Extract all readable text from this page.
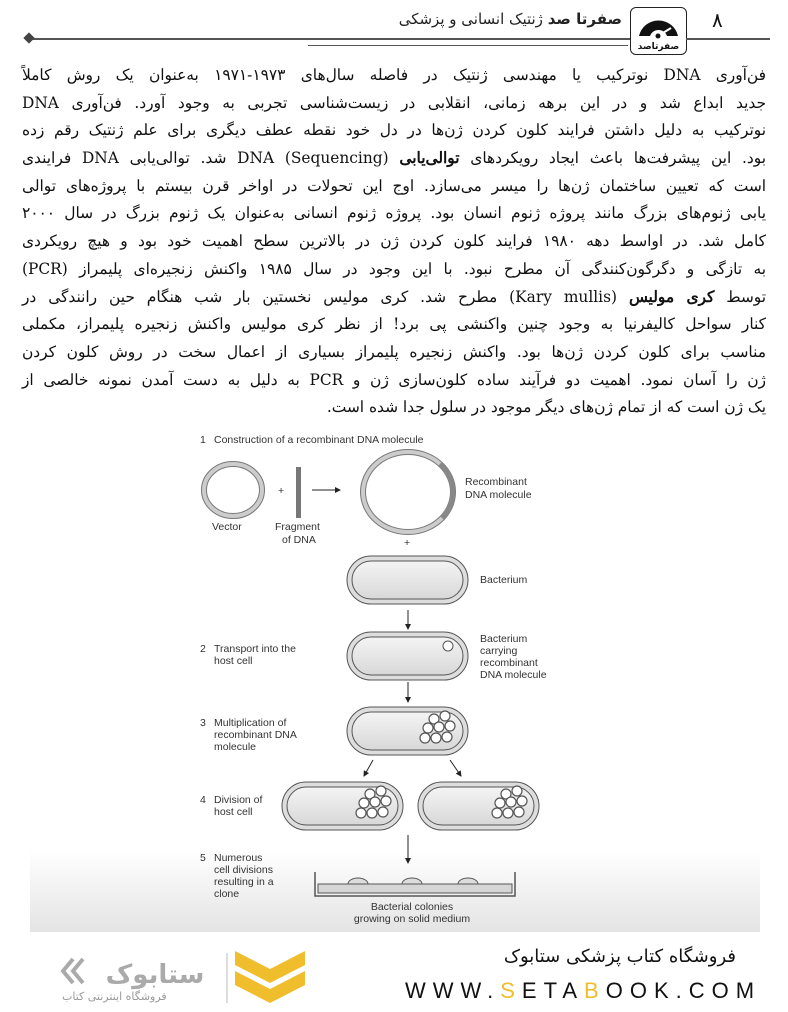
۸
صفرتاصد
صفرتا صد ژنتیک انسانی و پزشکی
فن‌آوری DNA نوترکیب یا مهندسی ژنتیک در فاصله سال‌های ۱۹۷۳-۱۹۷۱ به‌عنوان یک روش کاملاً
جدید ابداع شد و در این برهه زمانی، انقلابی در زیست‌شناسی تجربی به وجود آورد. فن‌آوری DNA
نوترکیب به دلیل داشتن فرایند کلون کردن ژن‌ها در دل خود نقطه عطف دیگری برای علم ژنتیک رقم زده
بود. این پیشرفت‌ها باعث ایجاد رویکردهای توالی‌یابی DNA (Sequencing) شد. توالی‌یابی DNA فرایندی
است که تعیین ساختمان ژن‌ها را میسر می‌سازد. اوج این تحولات در اواخر قرن بیستم با پروژه‌های توالی
یابی ژنوم‌های بزرگ مانند پروژه ژنوم انسان بود. پروژه ژنوم انسانی به‌عنوان یک ژنوم بزرگ در سال ۲۰۰۰
کامل شد. در اواسط دهه ۱۹۸۰ فرایند کلون کردن ژن در بالاترین سطح اهمیت خود بود و هیچ رویکردی
به تازگی و دگرگون‌کنندگی آن مطرح نبود. با این وجود در سال ۱۹۸۵ واکنش زنجیره‌ای پلیمراز (PCR)
توسط کری مولیس (Kary mullis) مطرح شد. کری مولیس نخستین بار شب هنگام حین رانندگی در
کنار سواحل کالیفرنیا به وجود چنین واکنشی پی برد! از نظر کری مولیس واکنش زنجیره پلیمراز، مکملی
مناسب برای کلون کردن ژن‌ها بود. واکنش زنجیره پلیمراز بسیاری از اعمال سخت در روش کلون کردن
ژن را آسان نمود. اهمیت دو فرآیند ساده کلون‌سازی ژن و PCR به دلیل به دست آمدن نمونه خالصی از
یک ژن است که از تمام ژن‌های دیگر موجود در سلول جدا شده است.
1 Construction of a recombinant DNA molecule
+
Vector	Fragment
of DNA
Recombinant
DNA molecule
+
Bacterium
2 Transport into the
host cell
Bacterium
carrying
recombinant
DNA molecule
3 Multiplication of
recombinant DNA
molecule
4 Division of
host cell
5 Numerous
cell divisions
resulting in a
clone
Bacterial colonies
growing on solid medium
فروشگاه کتاب پزشکی ستابوک
WWW.SETABOOK.COM
ستابوک
فروشگاه اینترنتی کتاب
